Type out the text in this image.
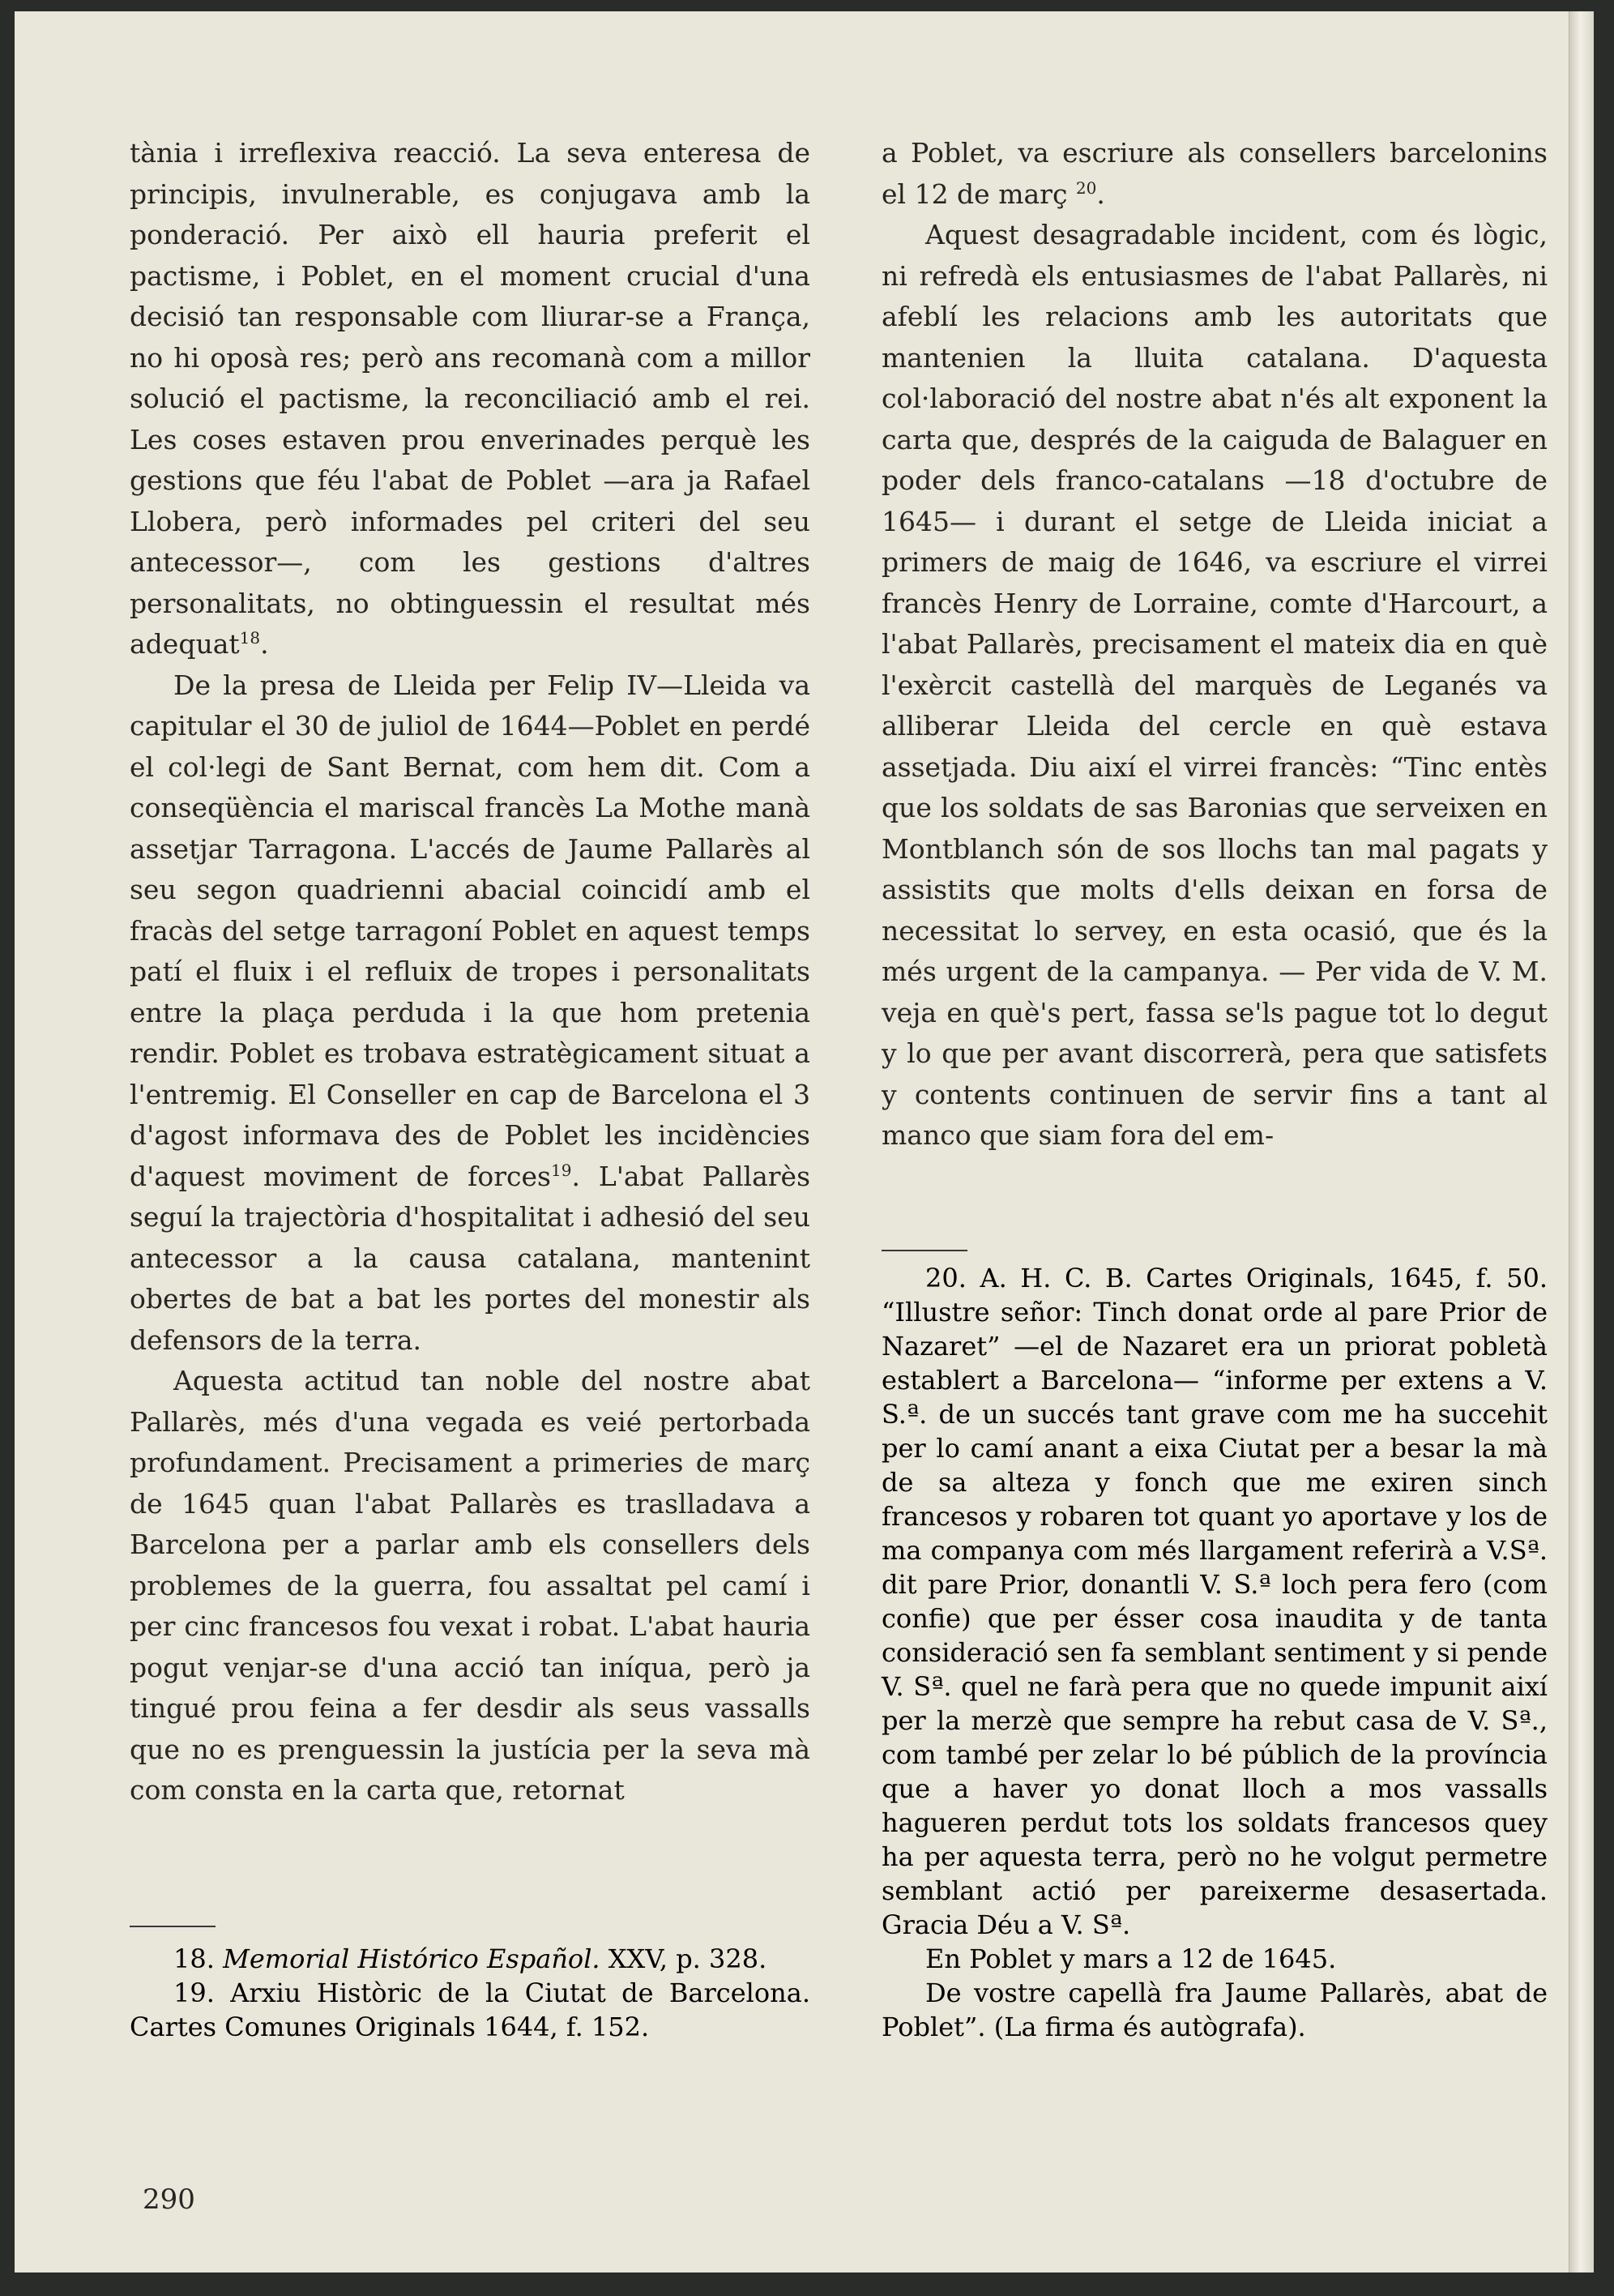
tània i irreflexiva reacció. La seva enteresa de principis, invulnerable, es conjugava amb la ponderació. Per això ell hauria preferit el pactisme, i Poblet, en el moment crucial d'una decisió tan responsable com lliurar-se a França, no hi oposà res; però ans recomanà com a millor solució el pactisme, la reconciliació amb el rei. Les coses estaven prou enverinades perquè les gestions que féu l'abat de Poblet —ara ja Rafael Llobera, però informades pel criteri del seu antecessor—, com les gestions d'altres personalitats, no obtinguessin el resultat més adequat$^{18}$.

De la presa de Lleida per Felip IV—Lleida va capitular el 30 de juliol de 1644—Poblet en perdé el col·legi de Sant Bernat, com hem dit. Com a conseqüència el mariscal francès La Mothe manà assetjar Tarragona. L'accés de Jaume Pallarès al seu segon quadrienni abacial coincidí amb el fracàs del setge tarragoní Poblet en aquest temps patí el fluix i el refluix de tropes i personalitats entre la plaça perduda i la que hom pretenia rendir. Poblet es trobava estratègicament situat a l'entremig. El Conseller en cap de Barcelona el 3 d'agost informava des de Poblet les incidències d'aquest moviment de forces$^{19}$. L'abat Pallarès seguí la trajectòria d'hospitalitat i adhesió del seu antecessor a la causa catalana, mantenint obertes de bat a bat les portes del monestir als defensors de la terra.

Aquesta actitud tan noble del nostre abat Pallarès, més d'una vegada es veié pertorbada profundament. Precisament a primeries de març de 1645 quan l'abat Pallarès es traslladava a Barcelona per a parlar amb els consellers dels problemes de la guerra, fou assaltat pel camí i per cinc francesos fou vexat i robat. L'abat hauria pogut venjar-se d'una acció tan iníqua, però ja tingué prou feina a fer desdir als seus vassalls que no es prenguessin la justícia per la seva mà com consta en la carta que, retornat

18. Memorial Histórico Español. XXV, p. 328.

19. Arxiu Històric de la Ciutat de Barcelona. Cartes Comunes Originals 1644, f. 152.

a Poblet, va escriure als consellers barcelonins el 12 de març $^{20}$.

Aquest desagradable incident, com és lògic, ni refredà els entusiasmes de l'abat Pallarès, ni afeblí les relacions amb les autoritats que mantenien la lluita catalana. D'aquesta col·laboració del nostre abat n'és alt exponent la carta que, després de la caiguda de Balaguer en poder dels franco-catalans —18 d'octubre de 1645— i durant el setge de Lleida iniciat a primers de maig de 1646, va escriure el virrei francès Henry de Lorraine, comte d'Harcourt, a l'abat Pallarès, precisament el mateix dia en què l'exèrcit castellà del marquès de Leganés va alliberar Lleida del cercle en què estava assetjada. Diu així el virrei francès: “Tinc entès que los soldats de sas Baronias que serveixen en Montblanch són de sos llochs tan mal pagats y assistits que molts d'ells deixan en forsa de necessitat lo servey, en esta ocasió, que és la més urgent de la campanya. — Per vida de V. M. veja en què's pert, fassa se'ls pague tot lo degut y lo que per avant discorrerà, pera que satisfets y contents continuen de servir fins a tant al manco que siam fora del em-

20. A. H. C. B. Cartes Originals, 1645, f. 50. “Illustre señor: Tinch donat orde al pare Prior de Nazaret” —el de Nazaret era un priorat pobletà establert a Barcelona— “informe per extens a V. S.ª. de un succés tant grave com me ha succehit per lo camí anant a eixa Ciutat per a besar la mà de sa alteza y fonch que me exiren sinch francesos y robaren tot quant yo aportave y los de ma companya com més llargament referirà a V.Sª. dit pare Prior, donantli V. S.ª loch pera fero (com confie) que per ésser cosa inaudita y de tanta consideració sen fa semblant sentiment y si pende V. Sª. quel ne farà pera que no quede impunit així per la merzè que sempre ha rebut casa de V. Sª., com també per zelar lo bé públich de la província que a haver yo donat lloch a mos vassalls hagueren perdut tots los soldats francesos quey ha per aquesta terra, però no he volgut permetre semblant actió per pareixerme desasertada. Gracia Déu a V. Sª.

En Poblet y mars a 12 de 1645.

De vostre capellà fra Jaume Pallarès, abat de Poblet”. (La firma és autògrafa).

290
